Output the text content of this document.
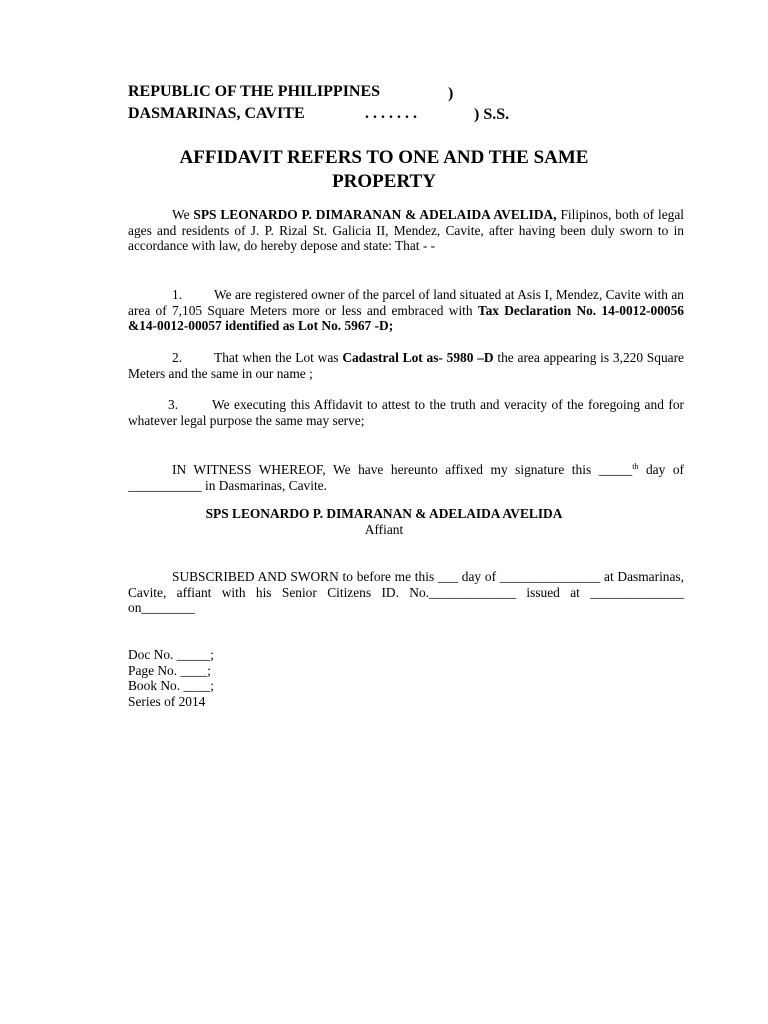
REPUBLIC OF THE PHILIPPINES	)
DASMARINAS, CAVITE	. . . . . . .	) S.S.
AFFIDAVIT REFERS TO ONE AND THE SAME
PROPERTY

We SPS LEONARDO P. DIMARANAN & ADELAIDA AVELIDA, Filipinos, both of legal ages and residents of J. P. Rizal St. Galicia II, Mendez, Cavite, after having been duly sworn to in accordance with law, do hereby depose and state: That - -

1. We are registered owner of the parcel of land situated at Asis I, Mendez, Cavite with an area of 7,105 Square Meters more or less and embraced with Tax Declaration No. 14-0012-00056 &14-0012-00057 identified as Lot No. 5967 -D;

2. That when the Lot was Cadastral Lot as- 5980 –D the area appearing is 3,220 Square Meters and the same in our name ;

3.	We executing this Affidavit to attest to the truth and veracity of the foregoing and for whatever legal purpose the same may serve;

IN WITNESS WHEREOF, We have hereunto affixed my signature this _____$^{th}$ day of ___________ in Dasmarinas, Cavite.

SPS LEONARDO P. DIMARANAN & ADELAIDA AVELIDA
Affiant

SUBSCRIBED AND SWORN to before me this ___ day of _______________ at Dasmarinas, Cavite, affiant with his Senior Citizens ID. No._____________ issued at ______________ on________

Doc No. _____;
Page No. ____;
Book No. ____;
Series of 2014
